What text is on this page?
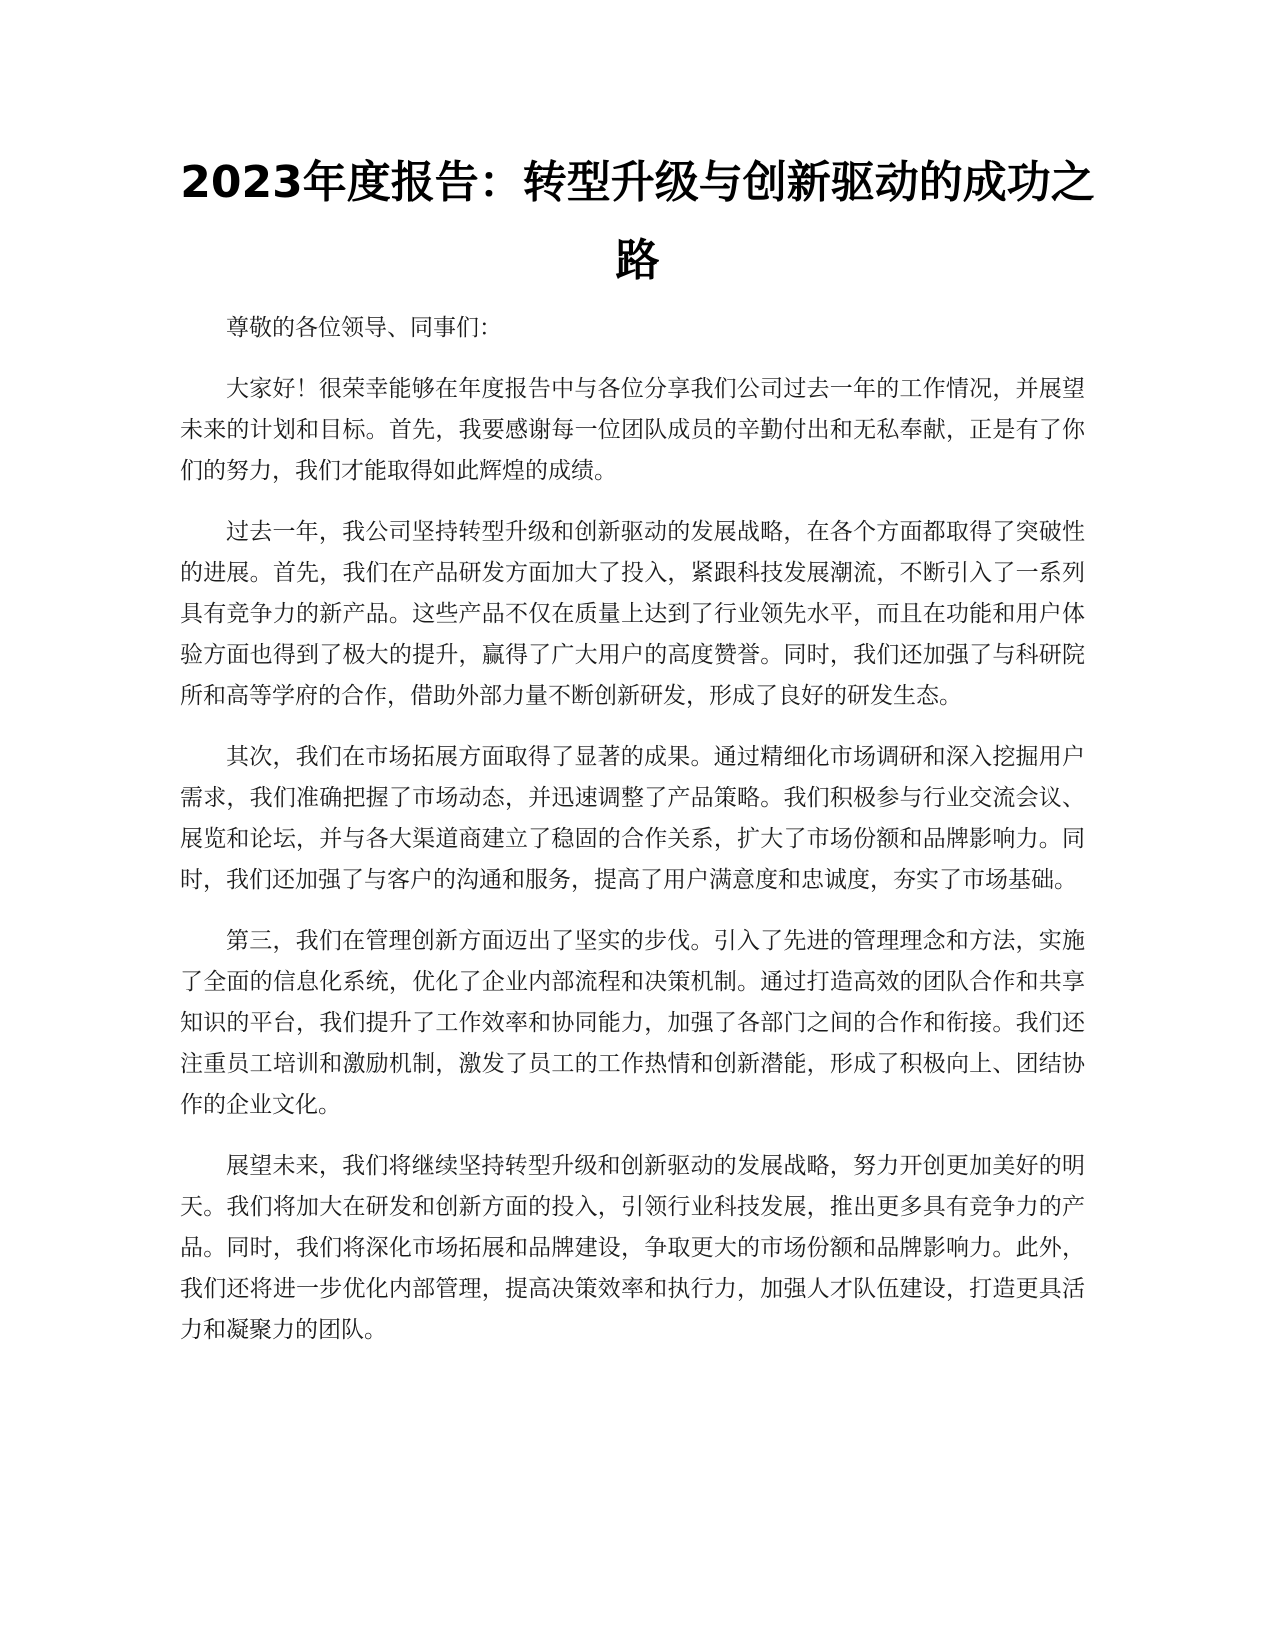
2023年度报告：转型升级与创新驱动的成功之路

尊敬的各位领导、同事们：

大家好！很荣幸能够在年度报告中与各位分享我们公司过去一年的工作情况，并展望未来的计划和目标。首先，我要感谢每一位团队成员的辛勤付出和无私奉献，正是有了你们的努力，我们才能取得如此辉煌的成绩。

过去一年，我公司坚持转型升级和创新驱动的发展战略，在各个方面都取得了突破性的进展。首先，我们在产品研发方面加大了投入，紧跟科技发展潮流，不断引入了一系列具有竞争力的新产品。这些产品不仅在质量上达到了行业领先水平，而且在功能和用户体验方面也得到了极大的提升，赢得了广大用户的高度赞誉。同时，我们还加强了与科研院所和高等学府的合作，借助外部力量不断创新研发，形成了良好的研发生态。

其次，我们在市场拓展方面取得了显著的成果。通过精细化市场调研和深入挖掘用户需求，我们准确把握了市场动态，并迅速调整了产品策略。我们积极参与行业交流会议、展览和论坛，并与各大渠道商建立了稳固的合作关系，扩大了市场份额和品牌影响力。同时，我们还加强了与客户的沟通和服务，提高了用户满意度和忠诚度，夯实了市场基础。

第三，我们在管理创新方面迈出了坚实的步伐。引入了先进的管理理念和方法，实施了全面的信息化系统，优化了企业内部流程和决策机制。通过打造高效的团队合作和共享知识的平台，我们提升了工作效率和协同能力，加强了各部门之间的合作和衔接。我们还注重员工培训和激励机制，激发了员工的工作热情和创新潜能，形成了积极向上、团结协作的企业文化。

展望未来，我们将继续坚持转型升级和创新驱动的发展战略，努力开创更加美好的明天。我们将加大在研发和创新方面的投入，引领行业科技发展，推出更多具有竞争力的产品。同时，我们将深化市场拓展和品牌建设，争取更大的市场份额和品牌影响力。此外，我们还将进一步优化内部管理，提高决策效率和执行力，加强人才队伍建设，打造更具活力和凝聚力的团队。
